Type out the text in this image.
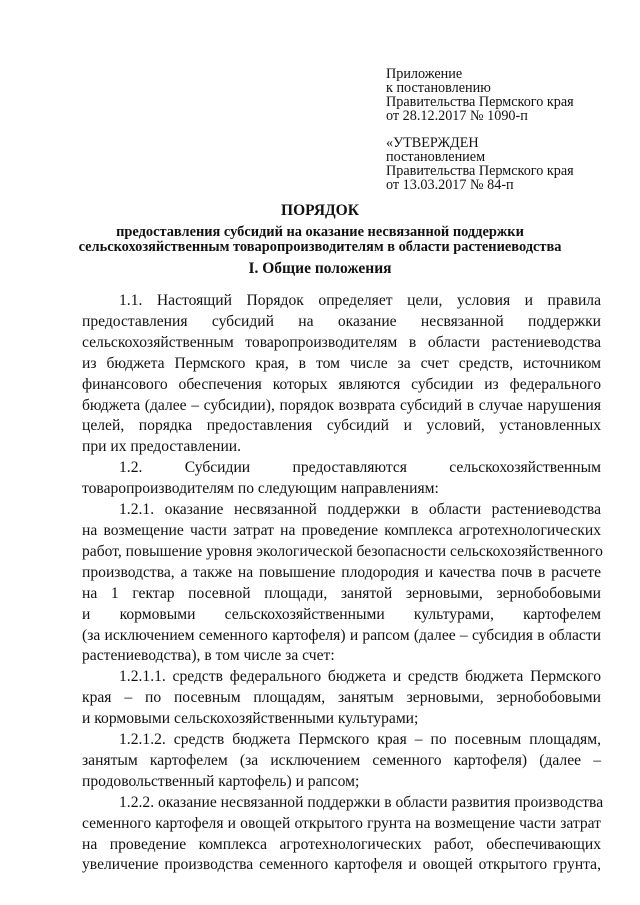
Приложение
к постановлению
Правительства Пермского края
от 28.12.2017 № 1090-п
«УТВЕРЖДЕН
постановлением
Правительства Пермского края
от 13.03.2017 № 84-п
ПОРЯДОК
предоставления субсидий на оказание несвязанной поддержки
сельскохозяйственным товаропроизводителям в области растениеводства
I. Общие положения
1.1. Настоящий Порядок определяет цели, условия и правила
предоставления субсидий на оказание несвязанной поддержки
сельскохозяйственным товаропроизводителям в области растениеводства
из бюджета Пермского края, в том числе за счет средств, источником
финансового обеспечения которых являются субсидии из федерального
бюджета (далее – субсидии), порядок возврата субсидий в случае нарушения
целей, порядка предоставления субсидий и условий, установленных
при их предоставлении.
1.2. Субсидии предоставляются сельскохозяйственным
товаропроизводителям по следующим направлениям:
1.2.1. оказание несвязанной поддержки в области растениеводства
на возмещение части затрат на проведение комплекса агротехнологических
работ, повышение уровня экологической безопасности сельскохозяйственного
производства, а также на повышение плодородия и качества почв в расчете
на 1 гектар посевной площади, занятой зерновыми, зернобобовыми
и кормовыми сельскохозяйственными культурами, картофелем
(за исключением семенного картофеля) и рапсом (далее – субсидия в области
растениеводства), в том числе за счет:
1.2.1.1. средств федерального бюджета и средств бюджета Пермского
края – по посевным площадям, занятым зерновыми, зернобобовыми
и кормовыми сельскохозяйственными культурами;
1.2.1.2. средств бюджета Пермского края – по посевным площадям,
занятым картофелем (за исключением семенного картофеля) (далее –
продовольственный картофель) и рапсом;
1.2.2. оказание несвязанной поддержки в области развития производства
семенного картофеля и овощей открытого грунта на возмещение части затрат
на проведение комплекса агротехнологических работ, обеспечивающих
увеличение производства семенного картофеля и овощей открытого грунта,
